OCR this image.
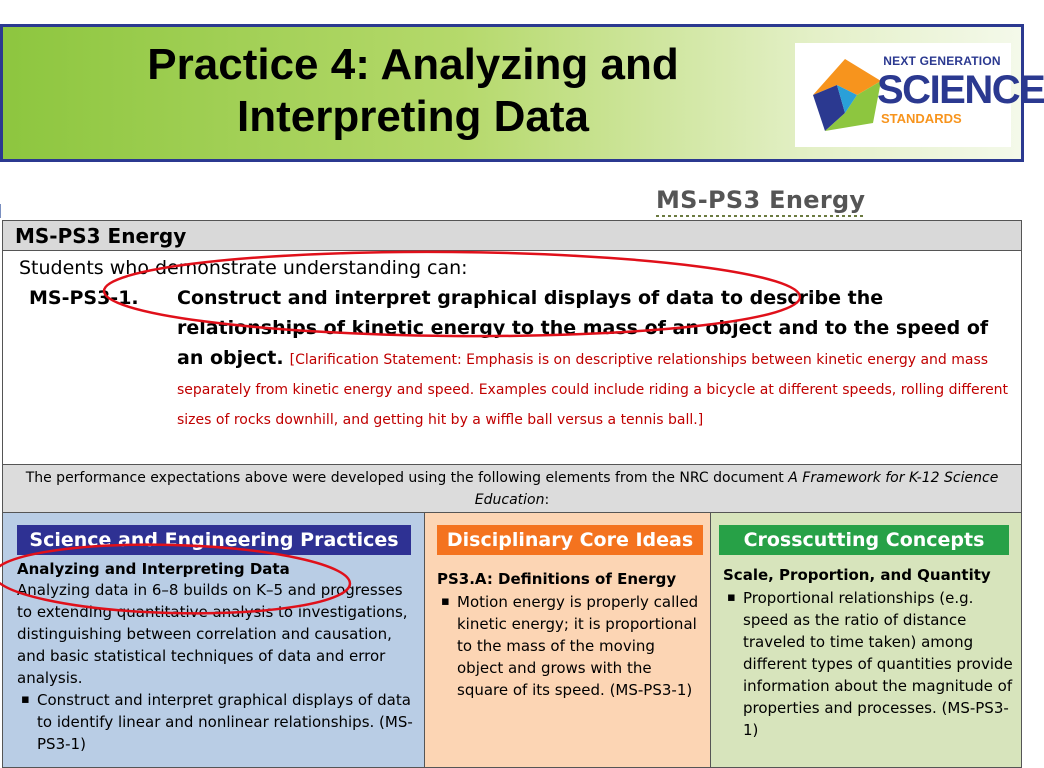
Practice 4: Analyzing and
Interpreting Data
NEXT GENERATION
SCIENCE
STANDARDS
MS-PS3 Energy
MS-PS3 Energy
Students who demonstrate understanding can:
MS-PS3-1.	Construct and interpret graphical displays of data to describe the relationships of kinetic energy to the mass of an object and to the speed of an object. [Clarification Statement: Emphasis is on descriptive relationships between kinetic energy and mass separately from kinetic energy and speed. Examples could include riding a bicycle at different speeds, rolling different sizes of rocks downhill, and getting hit by a wiffle ball versus a tennis ball.]
The performance expectations above were developed using the following elements from the NRC document A Framework for K-12 Science Education:
Science and Engineering Practices
Analyzing and Interpreting Data
Analyzing data in 6–8 builds on K–5 and progresses to extending quantitative analysis to investigations, distinguishing between correlation and causation, and basic statistical techniques of data and error analysis.
▪ Construct and interpret graphical displays of data to identify linear and nonlinear relationships. (MS-PS3-1)
Disciplinary Core Ideas
PS3.A: Definitions of Energy
▪ Motion energy is properly called kinetic energy; it is proportional to the mass of the moving object and grows with the square of its speed. (MS-PS3-1)
Crosscutting Concepts
Scale, Proportion, and Quantity
▪ Proportional relationships (e.g. speed as the ratio of distance traveled to time taken) among different types of quantities provide information about the magnitude of properties and processes. (MS-PS3-1)
